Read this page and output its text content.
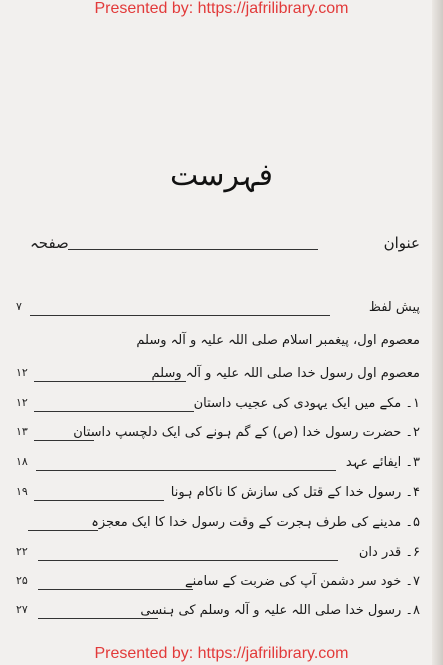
Presented by: https://jafrilibrary.com
فہرست
عنوان
صفحہ
پیش لفظ
۷
معصوم اول، پیغمبر اسلام صلی اللہ علیہ و آلہ وسلم
معصوم اول رسول خدا صلی اللہ علیہ و آلہ وسلم
۱۲
۱۔ مکے میں ایک یہودی کی عجیب داستان
۱۲
۲۔ حضرت رسول خدا (ص) کے گم ہونے کی ایک دلچسپ داستان
۱۳
۳۔ ایفائے عہد
۱۸
۴۔ رسول خدا کے قتل کی سازش کا ناکام ہونا
۱۹
۵۔ مدینے کی طرف ہجرت کے وقت رسول خدا کا ایک معجزہ
۶۔ قدر دان
۲۲
۷۔ خود سر دشمن آپ کی ضربت کے سامنے
۲۵
۸۔ رسول خدا صلی اللہ علیہ و آلہ وسلم کی ہنسی
۲۷
Presented by: https://jafrilibrary.com
